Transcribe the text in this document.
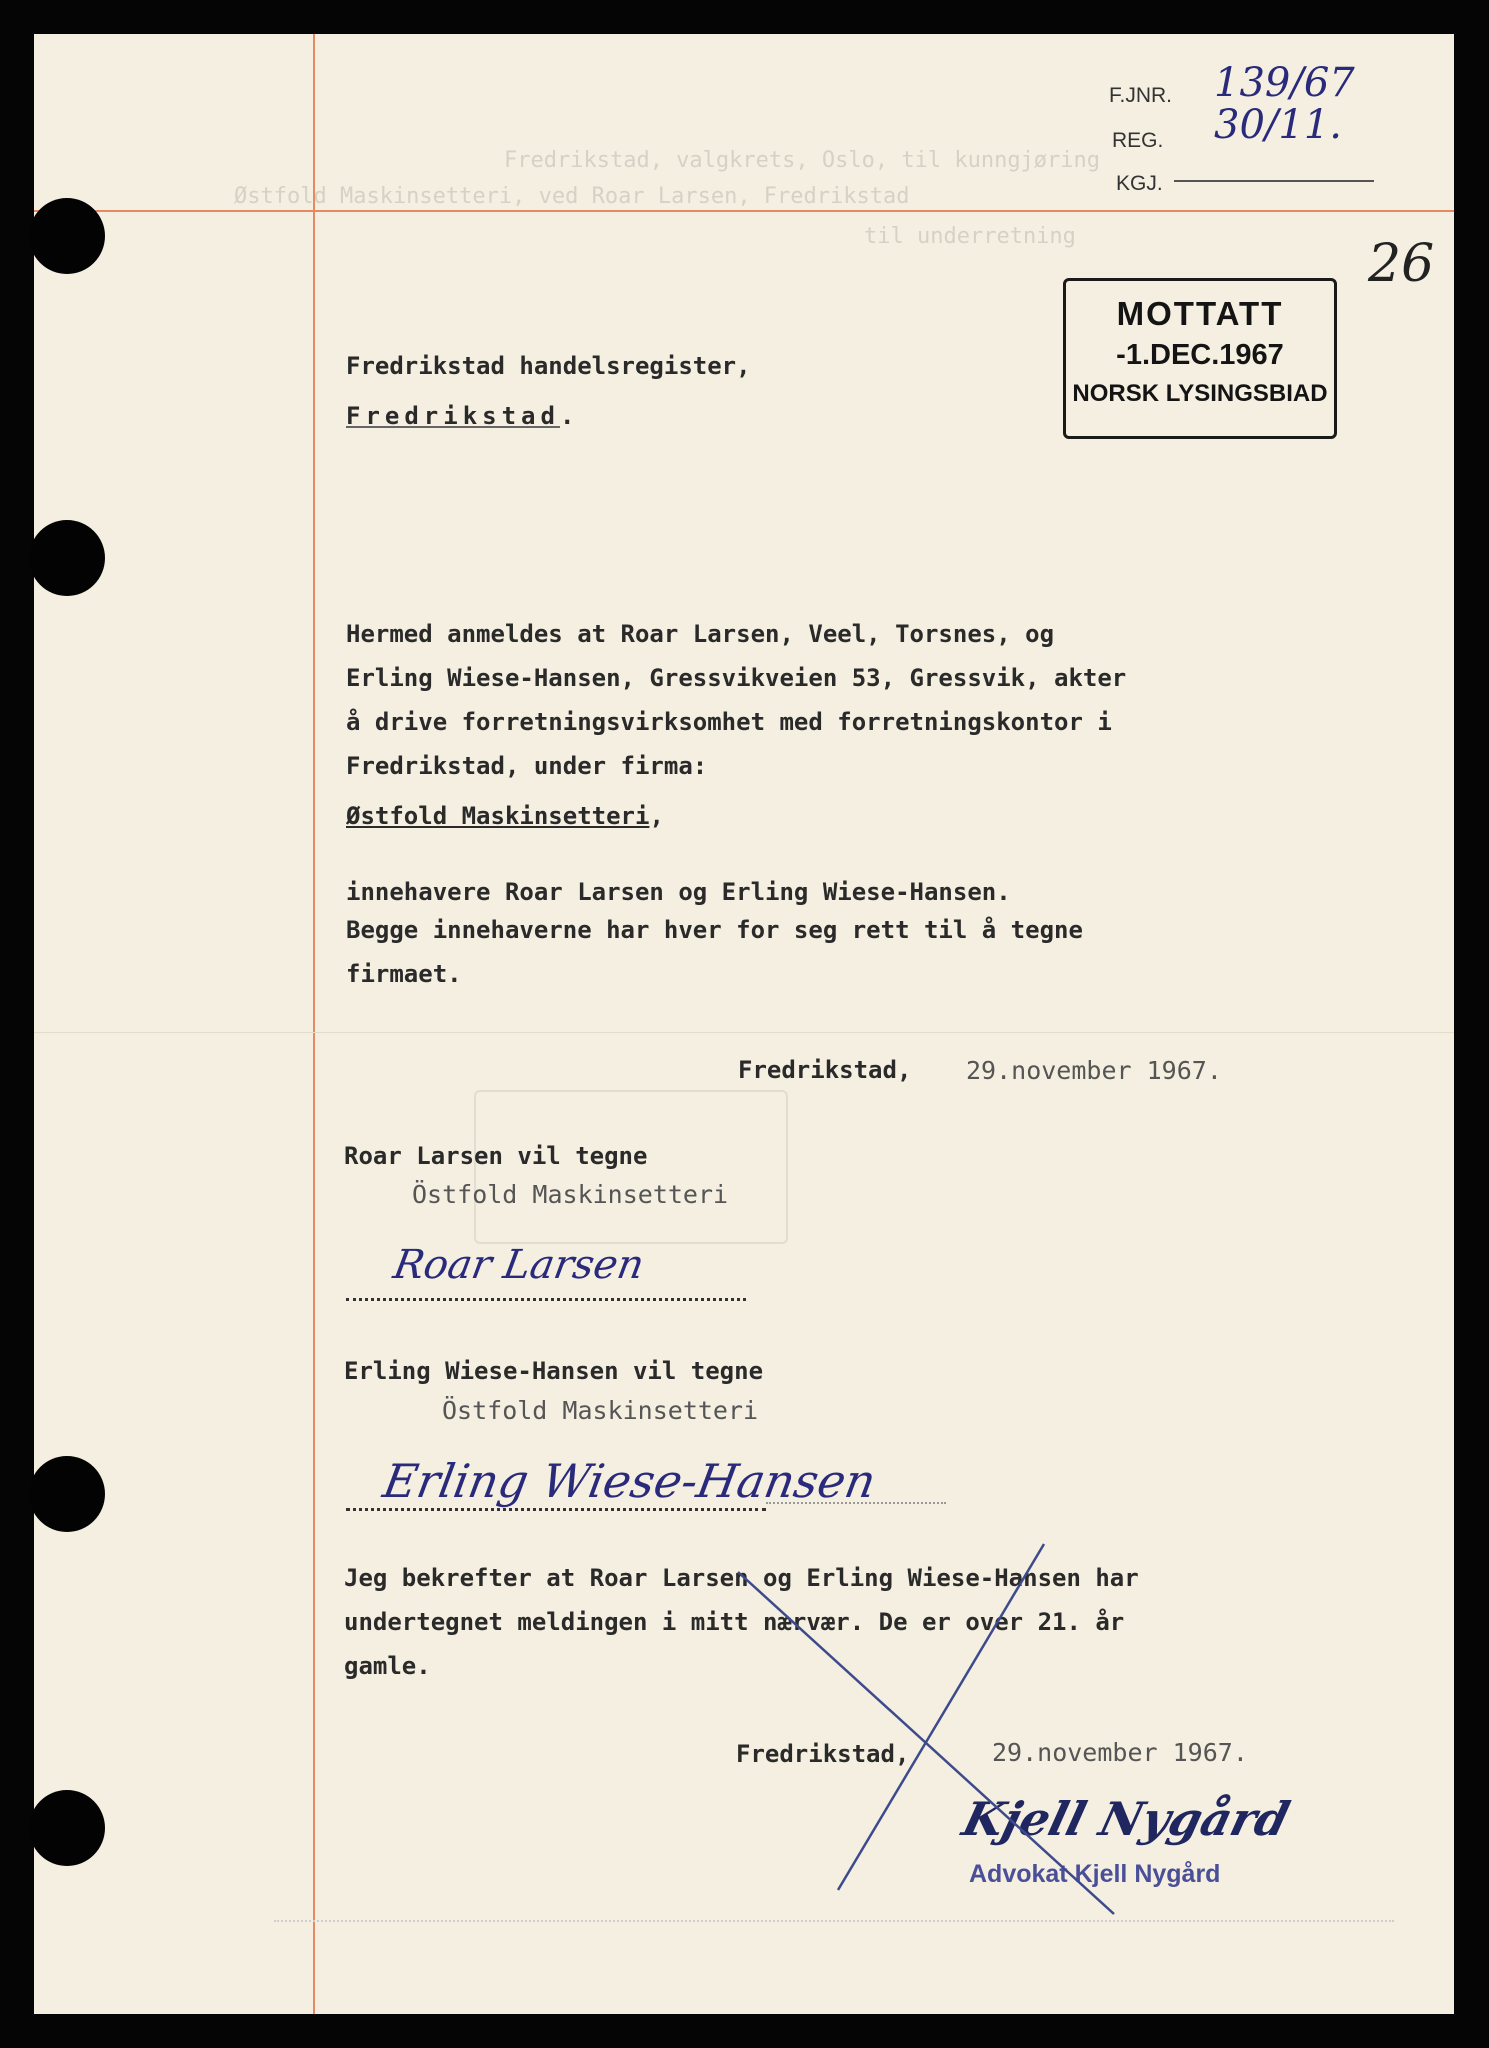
Fredrikstad, valgkrets, Oslo, til kunngjøring
Østfold Maskinsetteri, ved Roar Larsen, Fredrikstad
til underretning
F.JNR. 139/67
REG. 30/11.
KGJ.
26
MOTTATT
-1.DEC.1967
NORSK LYSINGSBIAD
Fredrikstad handelsregister,
Fredrikstad.
Hermed anmeldes at Roar Larsen, Veel, Torsnes, og
Erling Wiese-Hansen, Gressvikveien 53, Gressvik, akter
å drive forretningsvirksomhet med forretningskontor i
Fredrikstad, under firma:
Østfold Maskinsetteri,
innehavere Roar Larsen og Erling Wiese-Hansen.
Begge innehaverne har hver for seg rett til å tegne
firmaet.
Fredrikstad, 29.november 1967.
Roar Larsen vil tegne
Östfold Maskinsetteri
Roar Larsen
Erling Wiese-Hansen vil tegne
Östfold Maskinsetteri
Erling Wiese-Hansen
Jeg bekrefter at Roar Larsen og Erling Wiese-Hansen har
undertegnet meldingen i mitt nærvær. De er over 21. år
gamle.
Fredrikstad,	29.november 1967.
Kjell Nygård
Advokat Kjell Nygård
